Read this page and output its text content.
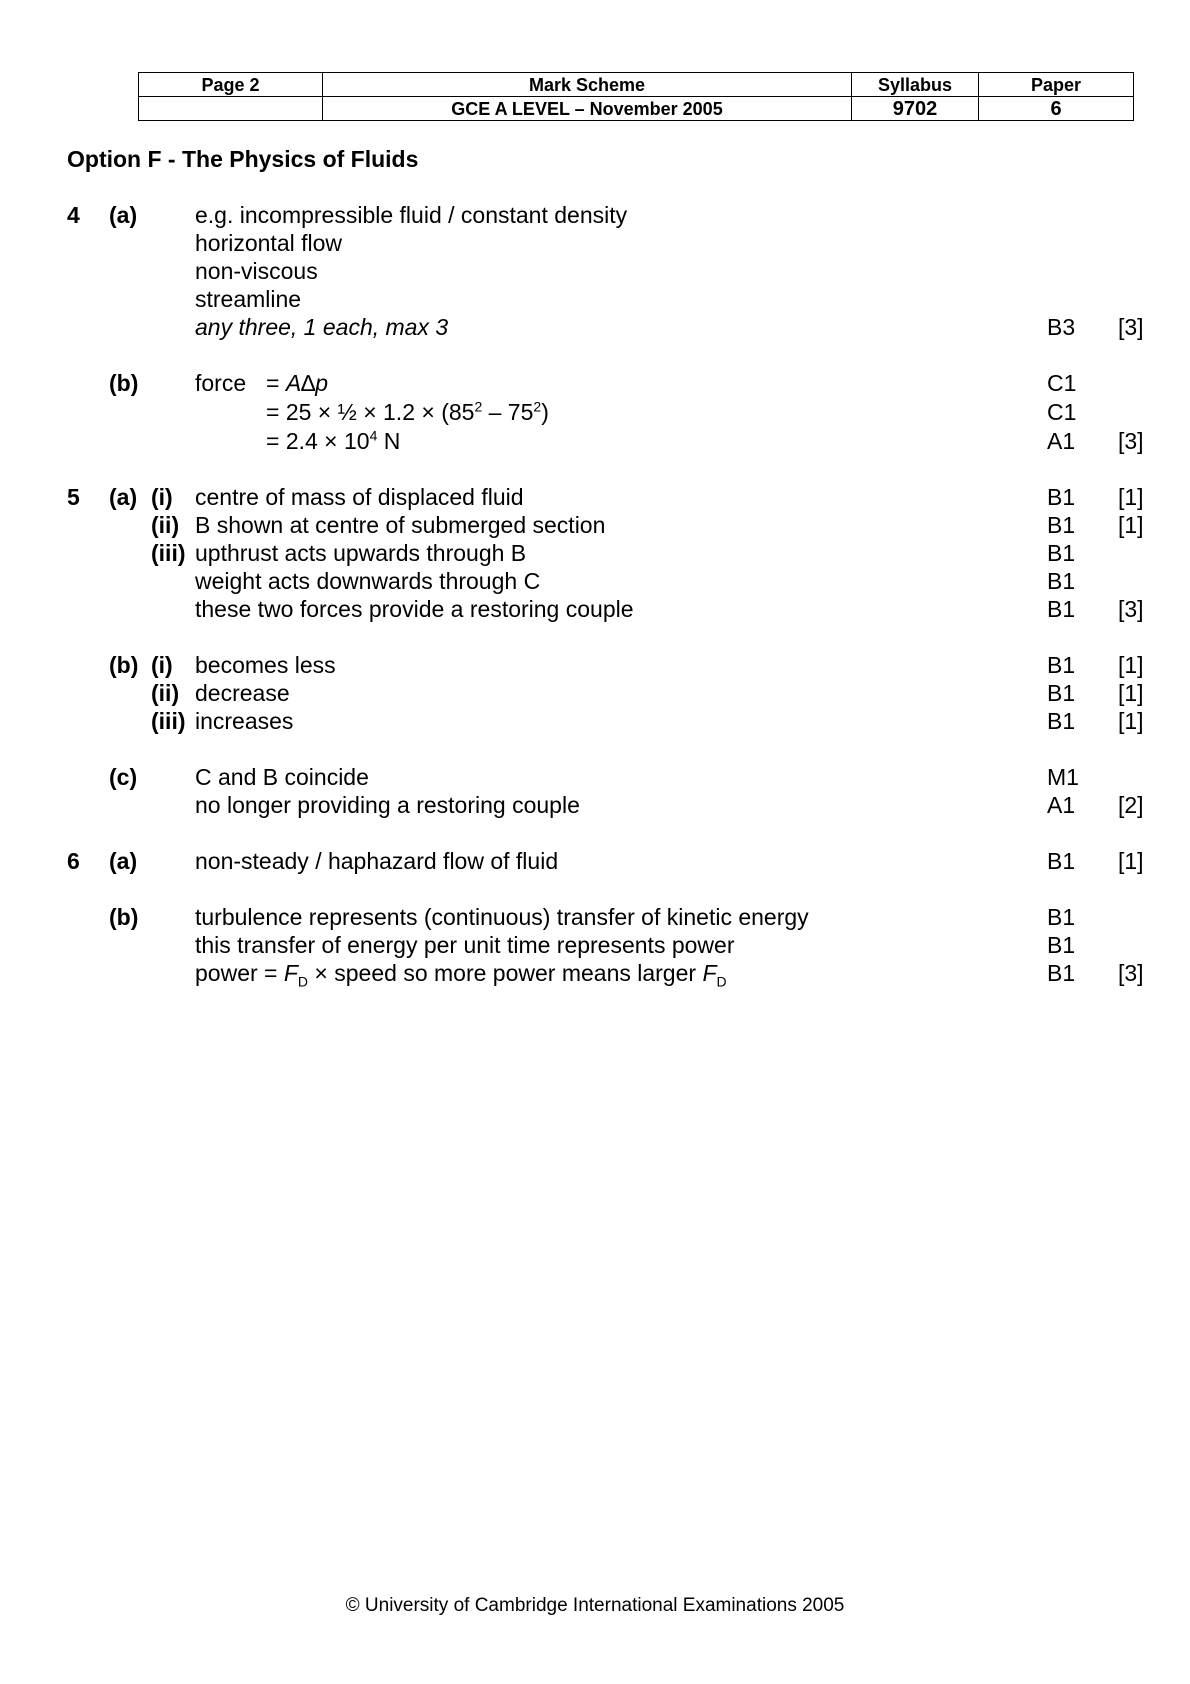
Page 2	Mark Scheme	Syllabus	Paper
	GCE A LEVEL – November 2005	9702	6
Option F - The Physics of Fluids
4 (a)	e.g. incompressible fluid / constant density
horizontal flow
non-viscous
streamline
any three, 1 each, max 3	B3 [3]
(b) force = A∆p	C1
= 25 × ½ × $1.2 \times (85^2 - 75^2)$	C1
= $2.4 \times 10^4$ N	A1 [3]
5 (a) (i) centre of mass of displaced fluid	B1 [1]
(ii) B shown at centre of submerged section	B1 [1]
(iii) upthrust acts upwards through B	B1
weight acts downwards through C	B1
these two forces provide a restoring couple	B1 [3]
(b) (i) becomes less	B1 [1]
(ii) decrease	B1 [1]
(iii) increases	B1 [1]
(c)	C and B coincide	M1
no longer providing a restoring couple	A1 [2]
6 (a)	non-steady / haphazard flow of fluid	B1 [1]
(b) turbulence represents (continuous) transfer of kinetic energy	B1
this transfer of energy per unit time represents power	B1
power = $F_D$ × speed so more power means larger $F_D$	B1 [3]
© University of Cambridge International Examinations 2005
